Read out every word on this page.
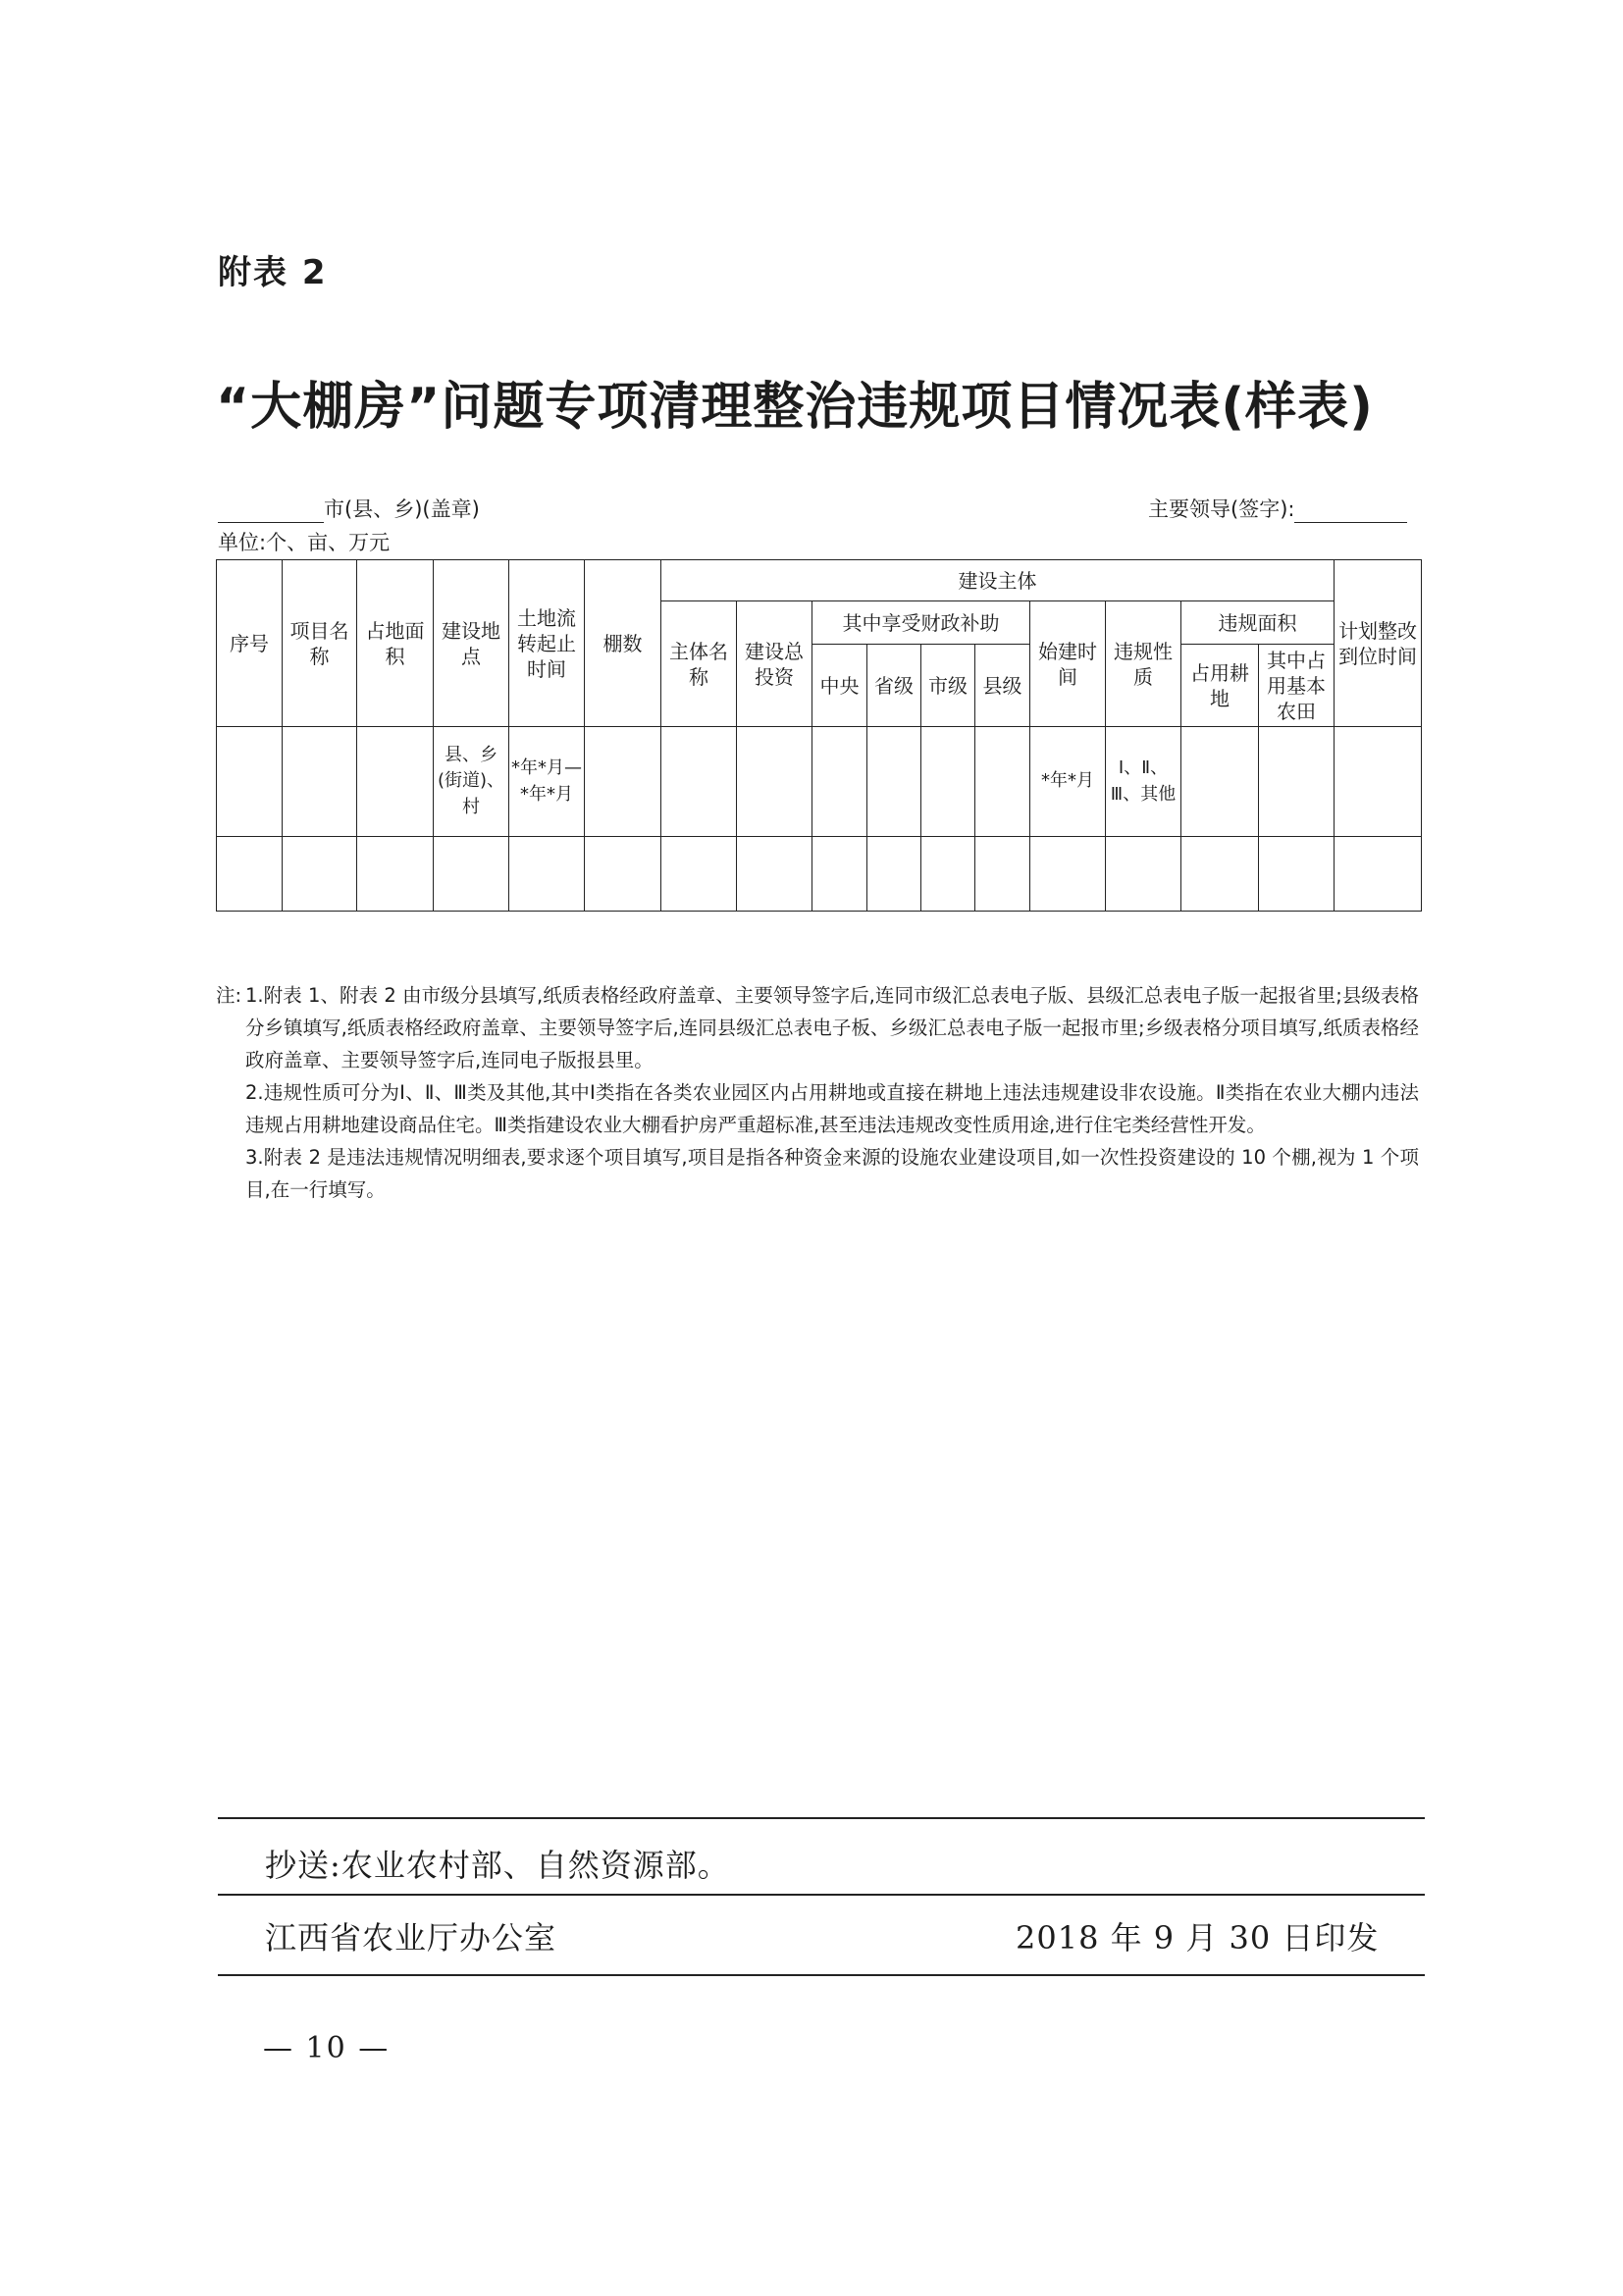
附表 2
“大棚房”问题专项清理整治违规项目情况表(样表)
市(县、乡)(盖章)	主要领导(签字):
单位:个、亩、万元
序号	项目名称	占地面积	建设地点	土地流转起止时间	棚数	建设主体										计划整改到位时间
						主体名称	建设总投资	其中享受财政补助				始建时间	违规性质	违规面积		
								中央	省级	市级	县级			占用耕地	其中占用基本农田	
			县、乡(街道)、村	*年*月—*年*月								*年*月	Ⅰ、Ⅱ、Ⅲ、其他			

注: 1.附表 1、附表 2 由市级分县填写,纸质表格经政府盖章、主要领导签字后,连同市级汇总表电子版、县级汇总表电子版一起报省里;县级表格分乡镇填写,纸质表格经政府盖章、主要领导签字后,连同县级汇总表电子板、乡级汇总表电子版一起报市里;乡级表格分项目填写,纸质表格经政府盖章、主要领导签字后,连同电子版报县里。

2.违规性质可分为Ⅰ、Ⅱ、Ⅲ类及其他,其中Ⅰ类指在各类农业园区内占用耕地或直接在耕地上违法违规建设非农设施。Ⅱ类指在农业大棚内违法违规占用耕地建设商品住宅。Ⅲ类指建设农业大棚看护房严重超标准,甚至违法违规改变性质用途,进行住宅类经营性开发。

3.附表 2 是违法违规情况明细表,要求逐个项目填写,项目是指各种资金来源的设施农业建设项目,如一次性投资建设的 10 个棚,视为 1 个项目,在一行填写。

抄送:农业农村部、自然资源部。
江西省农业厅办公室	2018 年 9 月 30 日印发
— 10 —
